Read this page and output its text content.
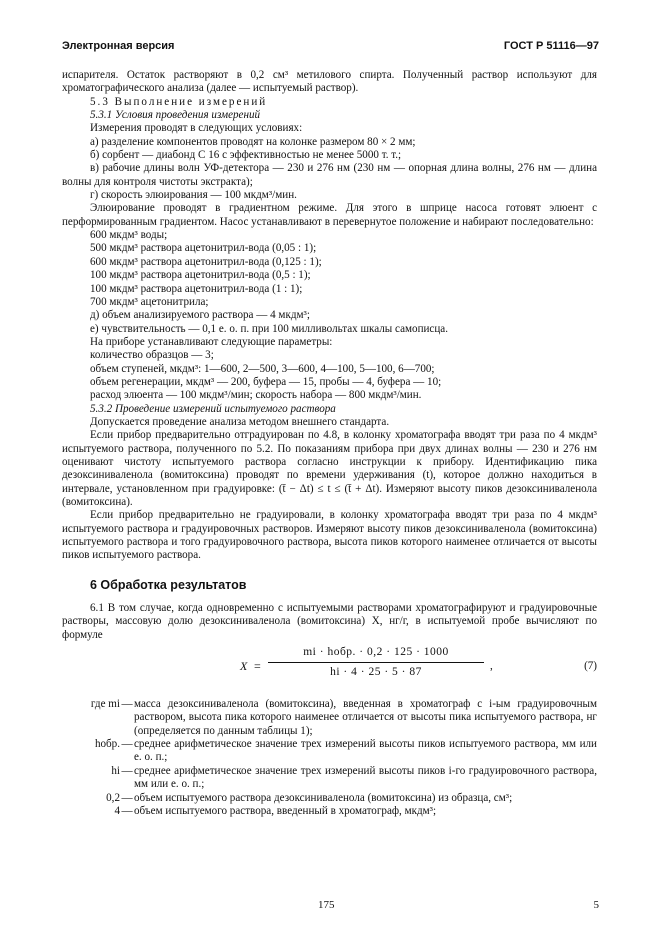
Электронная версия	ГОСТ Р 51116—97

испарителя. Остаток растворяют в 0,2 см³ метилового спирта. Полученный раствор используют для хроматографического анализа (далее — испытуемый раствор).

5.3 Выполнение измерений

5.3.1 Условия проведения измерений

Измерения проводят в следующих условиях:

а) разделение компонентов проводят на колонке размером 80 × 2 мм;

б) сорбент — диабонд С 16 с эффективностью не менее 5000 т. т.;

в) рабочие длины волн УФ-детектора — 230 и 276 нм (230 нм — опорная длина волны, 276 нм — длина волны для контроля чистоты экстракта);

г) скорость элюирования — 100 мкдм³/мин.

Элюирование проводят в градиентном режиме. Для этого в шприце насоса готовят элюент с перформированным градиентом. Насос устанавливают в перевернутое положение и набирают последовательно:

600 мкдм³ воды;

500 мкдм³ раствора ацетонитрил-вода (0,05 : 1);

600 мкдм³ раствора ацетонитрил-вода (0,125 : 1);

100 мкдм³ раствора ацетонитрил-вода (0,5 : 1);

100 мкдм³ раствора ацетонитрил-вода (1 : 1);

700 мкдм³ ацетонитрила;

д) объем анализируемого раствора — 4 мкдм³;

е) чувствительность — 0,1 е. о. п. при 100 милливольтах шкалы самописца.

На приборе устанавливают следующие параметры:

количество образцов — 3;

объем ступеней, мкдм³: 1—600, 2—500, 3—600, 4—100, 5—100, 6—700;

объем регенерации, мкдм³ — 200, буфера — 15, пробы — 4, буфера — 10;

расход элюента — 100 мкдм³/мин; скорость набора — 800 мкдм³/мин.

5.3.2 Проведение измерений испытуемого раствора

Допускается проведение анализа методом внешнего стандарта.

Если прибор предварительно отградуирован по 4.8, в колонку хроматографа вводят три раза по 4 мкдм³ испытуемого раствора, полученного по 5.2. По показаниям прибора при двух длинах волны — 230 и 276 нм оценивают чистоту испытуемого раствора согласно инструкции к прибору. Идентификацию пика дезоксиниваленола (вомитоксина) проводят по времени удерживания (t), которое должно находиться в интервале, установленном при градуировке: (t̄ − Δt) ≤ t ≤ (t̄ + Δt). Измеряют высоту пиков дезоксиниваленола (вомитоксина).

Если прибор предварительно не градуировали, в колонку хроматографа вводят три раза по 4 мкдм³ испытуемого раствора и градуировочных растворов. Измеряют высоту пиков дезоксиниваленола (вомитоксина) испытуемого раствора и того градуировочного раствора, высота пиков которого наименее отличается от высоты пиков испытуемого раствора.

6 Обработка результатов

6.1 В том случае, когда одновременно с испытуемыми растворами хроматографируют и градуировочные растворы, массовую долю дезоксиниваленола (вомитоксина) X, нг/г, в испытуемой пробе вычисляют по формуле

X =
mi · hобр. · 0,2 · 125 · 1000
hi · 4 · 25 · 5 · 87
,	(7)
где mi — масса дезоксиниваленола (вомитоксина), введенная в хроматограф с i-ым градуировочным раствором, высота пика которого наименее отличается от высоты пика испытуемого раствора, нг (определяется по данным таблицы 1);
hобр. — среднее арифметическое значение трех измерений высоты пиков испытуемого раствора, мм или е. о. п.;
hi — среднее арифметическое значение трех измерений высоты пиков i-го градуировочного раствора, мм или е. о. п.;
0,2 — объем испытуемого раствора дезоксиниваленола (вомитоксина) из образца, см³;
4 — объем испытуемого раствора, введенный в хроматограф, мкдм³;
175	5
